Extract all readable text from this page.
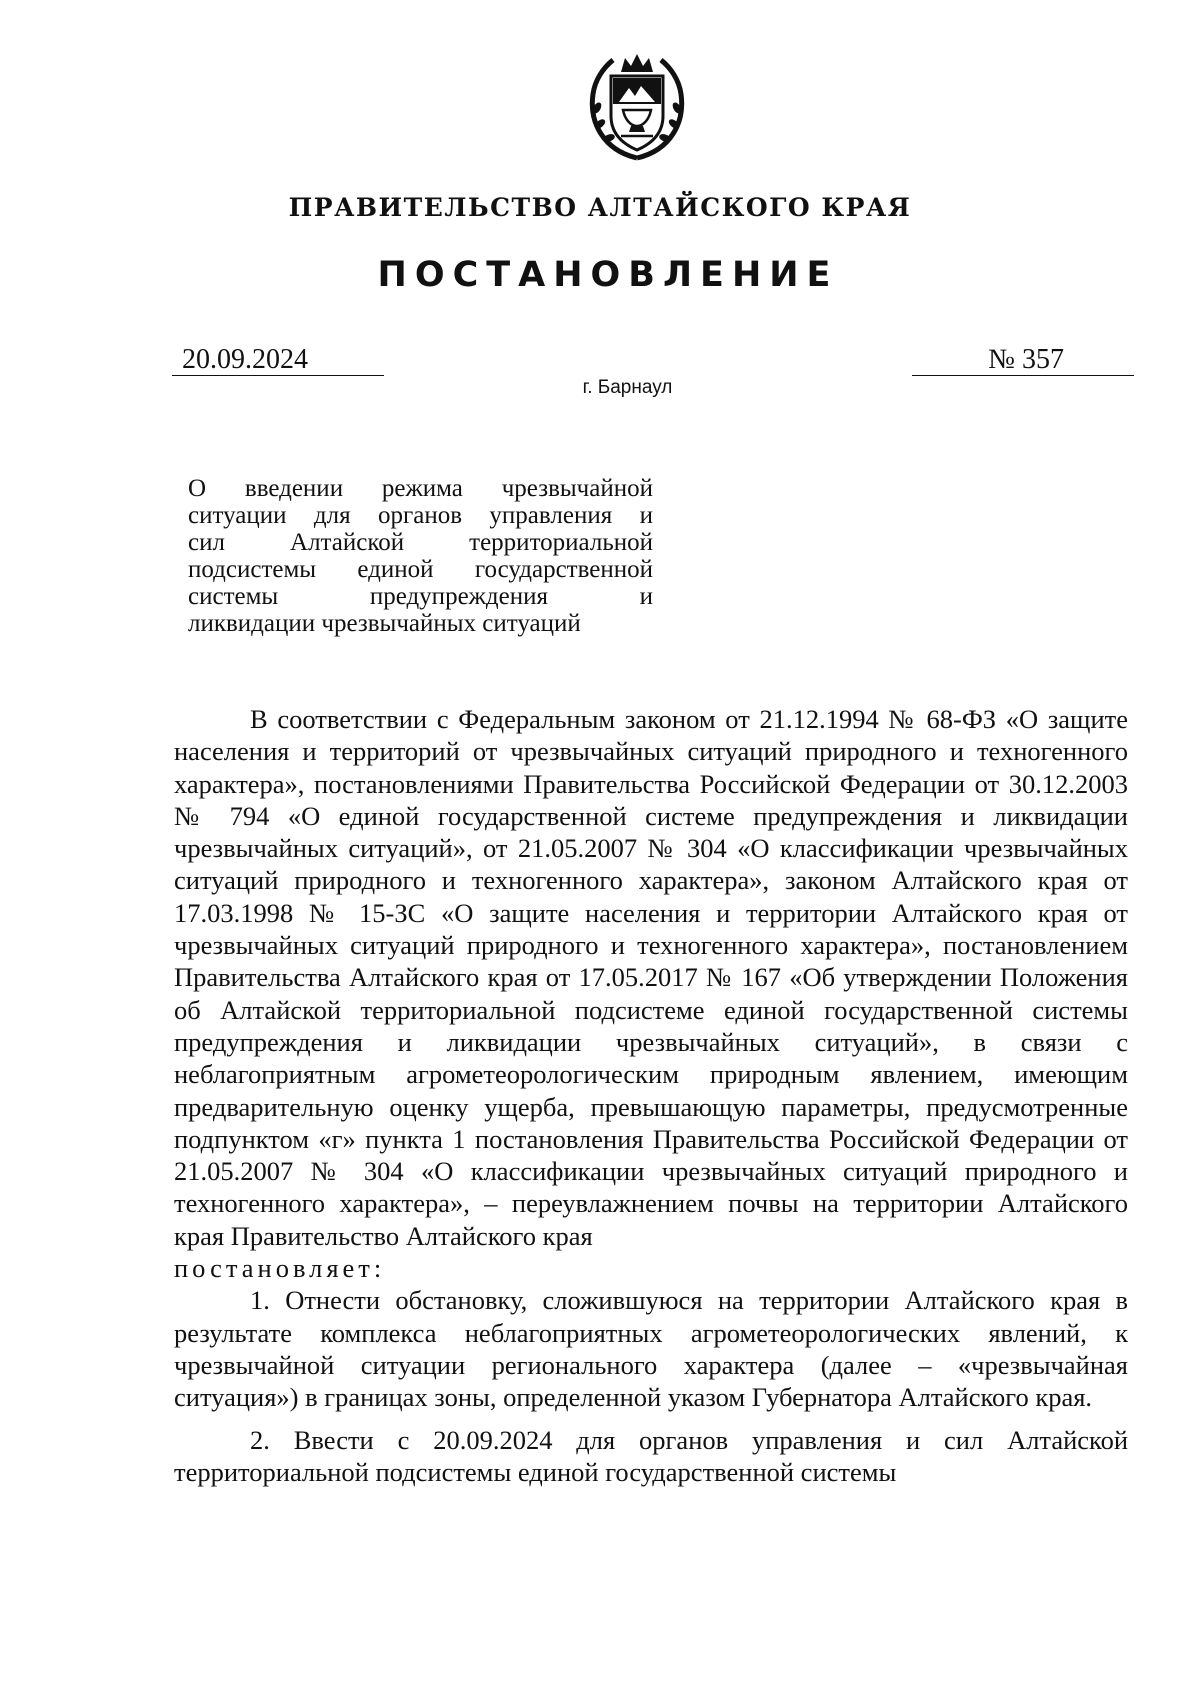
ПРАВИТЕЛЬСТВО АЛТАЙСКОГО КРАЯ
ПОСТАНОВЛЕНИЕ
20.09.2024	№ 357
г. Барнаул
О введении режима чрезвычайной
ситуации для органов управления и
сил Алтайской территориальной
подсистемы единой государственной
системы предупреждения и
ликвидации чрезвычайных ситуаций

В соответствии с Федеральным законом от 21.12.1994 № 68-ФЗ «О защите населения и территорий от чрезвычайных ситуаций природного и техногенного характера», постановлениями Правительства Российской Федерации от 30.12.2003 № 794 «О единой государственной системе предупреждения и ликвидации чрезвычайных ситуаций», от 21.05.2007 № 304 «О классификации чрезвычайных ситуаций природного и техногенного характера», законом Алтайского края от 17.03.1998 № 15-ЗС «О защите населения и территории Алтайского края от чрезвычайных ситуаций природного и техногенного характера», постановлением Правительства Алтайского края от 17.05.2017 № 167 «Об утверждении Положения об Алтайской территориальной подсистеме единой государственной системы предупреждения и ликвидации чрезвычайных ситуаций», в связи с неблагоприятным агрометеорологическим природным явлением, имеющим предварительную оценку ущерба, превышающую параметры, предусмотренные подпунктом «г» пункта 1 постановления Правительства Российской Федерации от 21.05.2007 № 304 «О классификации чрезвычайных ситуаций природного и техногенного характера», – переувлажнением почвы на территории Алтайского края Правительство Алтайского края

постановляет:

1. Отнести обстановку, сложившуюся на территории Алтайского края в результате комплекса неблагоприятных агрометеорологических явлений, к чрезвычайной ситуации регионального характера (далее – «чрезвычайная ситуация») в границах зоны, определенной указом Губернатора Алтайского края.

2. Ввести с 20.09.2024 для органов управления и сил Алтайской территориальной подсистемы единой государственной системы
